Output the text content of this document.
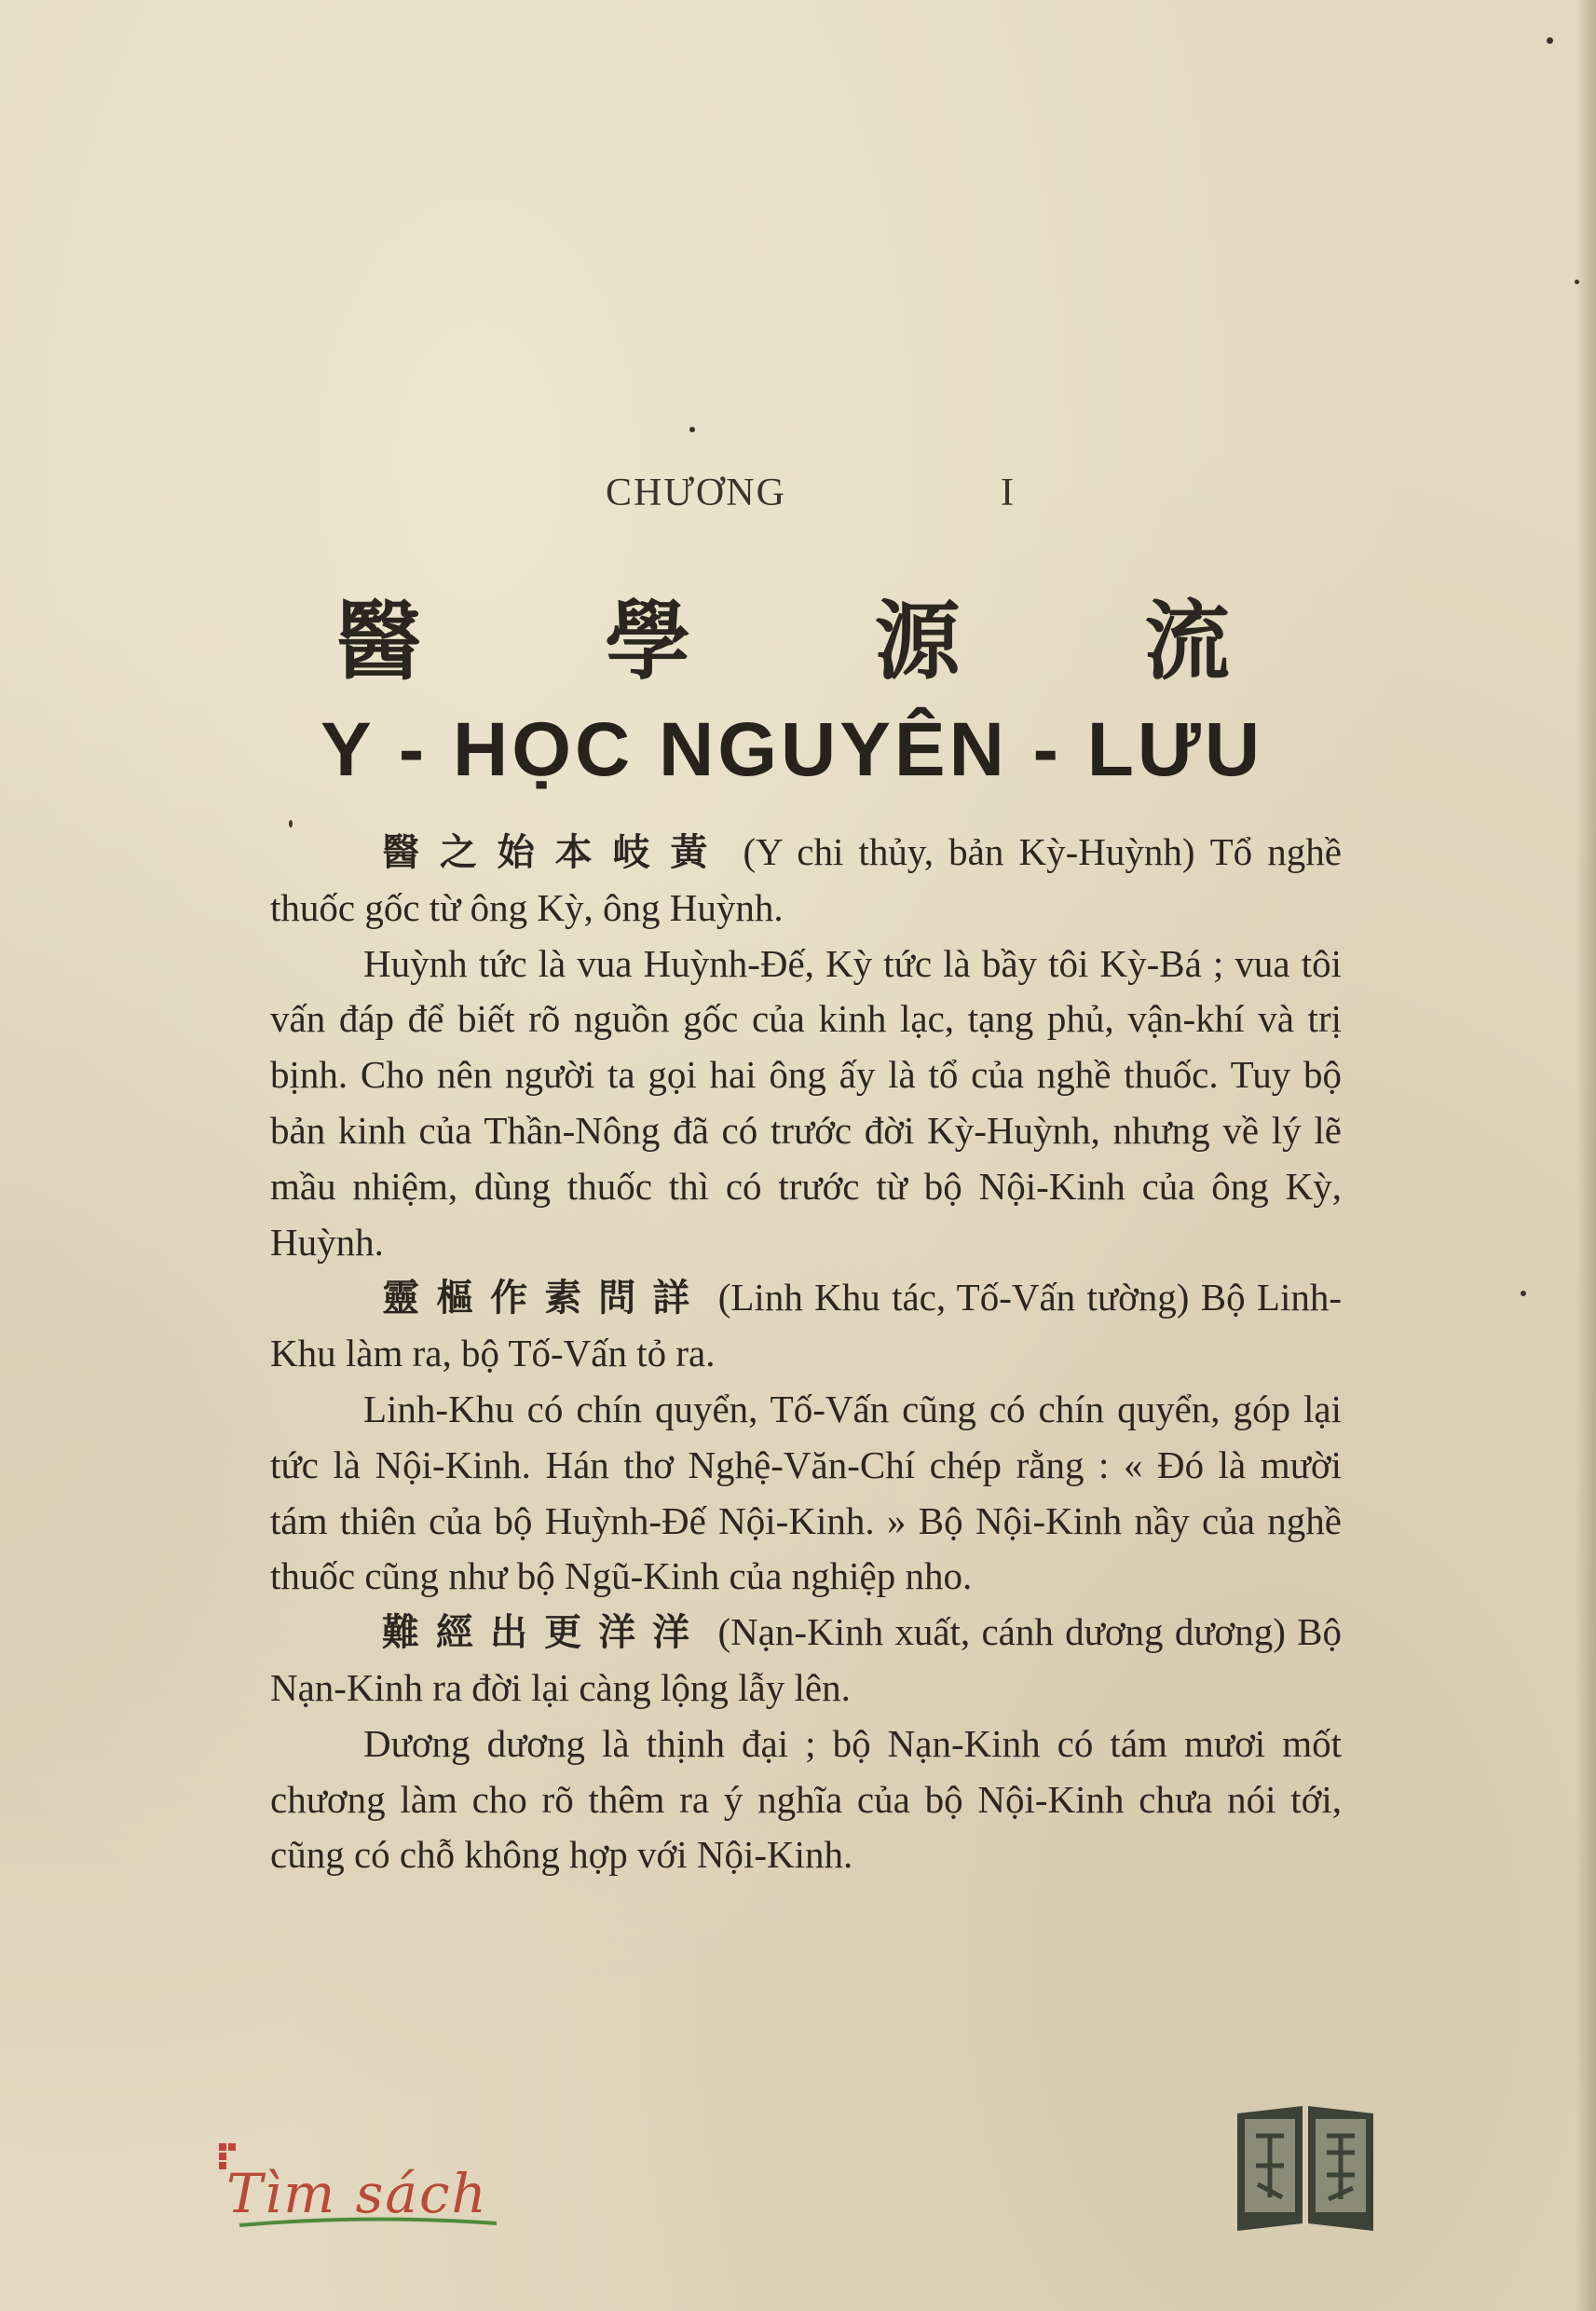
CHƯƠNG	I
醫 學 源 流
Y - HỌC NGUYÊN - LƯU

醫之始本岐黃 (Y chi thủy, bản Kỳ-Huỳnh) Tổ nghề thuốc gốc từ ông Kỳ, ông Huỳnh.

Huỳnh tức là vua Huỳnh-Đế, Kỳ tức là bầy tôi Kỳ-Bá ; vua tôi vấn đáp để biết rõ nguồn gốc của kinh lạc, tạng phủ, vận-khí và trị bịnh. Cho nên người ta gọi hai ông ấy là tổ của nghề thuốc. Tuy bộ bản kinh của Thần-Nông đã có trước đời Kỳ-Huỳnh, nhưng về lý lẽ mầu nhiệm, dùng thuốc thì có trước từ bộ Nội-Kinh của ông Kỳ, Huỳnh.

靈樞作素問詳 (Linh Khu tác, Tố-Vấn tường) Bộ Linh-Khu làm ra, bộ Tố-Vấn tỏ ra.

Linh-Khu có chín quyển, Tố-Vấn cũng có chín quyển, góp lại tức là Nội-Kinh. Hán thơ Nghệ-Văn-Chí chép rằng : « Đó là mười tám thiên của bộ Huỳnh-Đế Nội-Kinh. » Bộ Nội-Kinh nầy của nghề thuốc cũng như bộ Ngũ-Kinh của nghiệp nho.

難經出更洋洋 (Nạn-Kinh xuất, cánh dương dương) Bộ Nạn-Kinh ra đời lại càng lộng lẫy lên.

Dương dương là thịnh đại ; bộ Nạn-Kinh có tám mươi mốt chương làm cho rõ thêm ra ý nghĩa của bộ Nội-Kinh chưa nói tới, cũng có chỗ không hợp với Nội-Kinh.

Tìm sách
